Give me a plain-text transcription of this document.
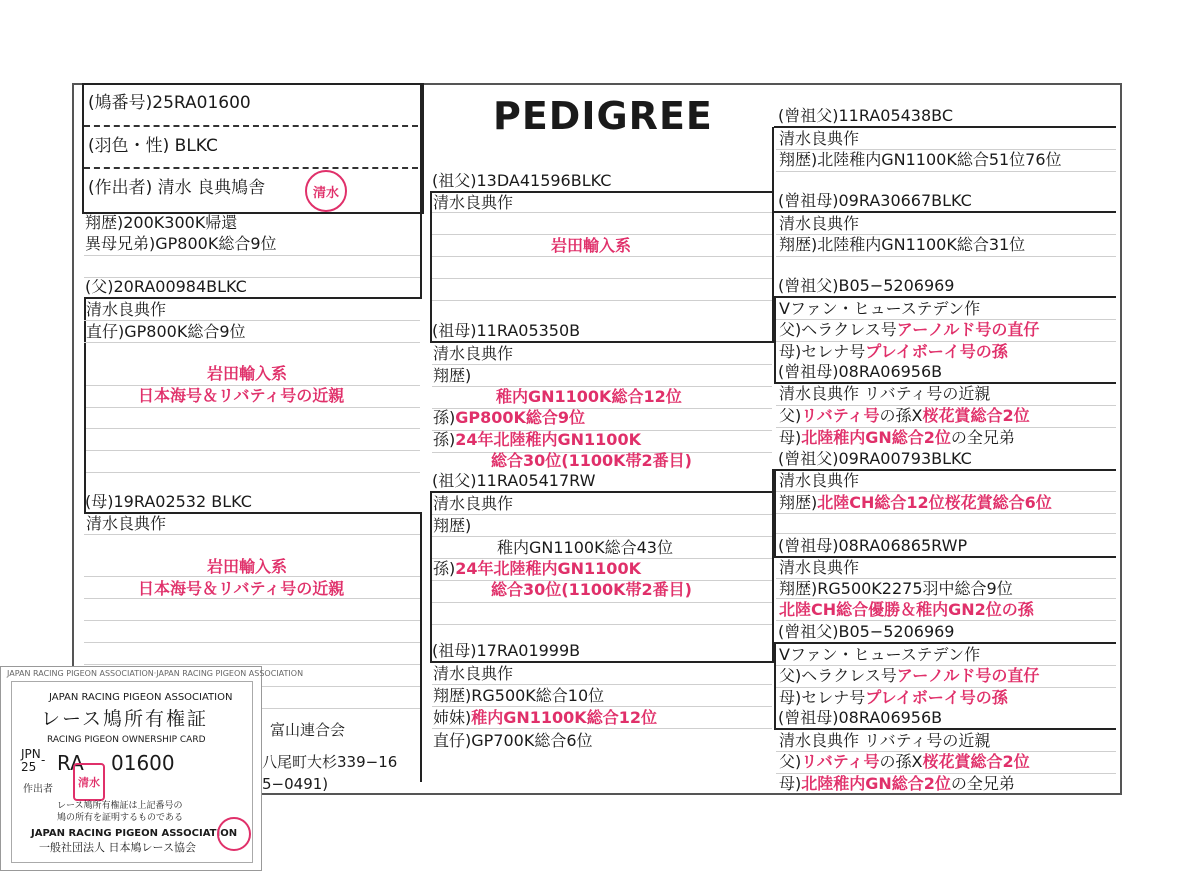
(鳩番号)25RA01600
(羽色・性) BLKC
(作出者) 清水 良典鳩舎	清水
翔歴)200K300K帰還
異母兄弟)GP800K総合9位
PEDIGREE
(父)20RA00984BLKC
清水良典作
直仔)GP800K総合9位
岩田輸入系
日本海号＆リバティ号の近親
(母)19RA02532 BLKC
清水良典作
岩田輸入系
日本海号＆リバティ号の近親
(祖父)13DA41596BLKC
清水良典作
岩田輸入系
(祖母)11RA05350B
清水良典作
翔歴)
稚内GN1100K総合12位
孫)GP800K総合9位
孫)24年北陸稚内GN1100K
総合30位(1100K帯2番目)
(祖父)11RA05417RW
清水良典作
翔歴)
稚内GN1100K総合43位
孫)24年北陸稚内GN1100K
総合30位(1100K帯2番目)
(祖母)17RA01999B
清水良典作
翔歴)RG500K総合10位
姉妹)稚内GN1100K総合12位
直仔)GP700K総合6位
(曾祖父)11RA05438BC
清水良典作
翔歴)北陸稚内GN1100K総合51位76位
(曾祖母)09RA30667BLKC
清水良典作
翔歴)北陸稚内GN1100K総合31位
(曾祖父)B05−5206969
Vファン・ヒューステデン作
父)ヘラクレス号アーノルド号の直仔
母)セレナ号プレイボーイ号の孫
(曾祖母)08RA06956B
清水良典作 リバティ号の近親
父)リバティ号の孫X桜花賞総合2位
母)北陸稚内GN総合2位の全兄弟
(曾祖父)09RA00793BLKC
清水良典作
翔歴)北陸CH総合12位桜花賞総合6位
(曾祖母)08RA06865RWP
清水良典作
翔歴)RG500K2275羽中総合9位
北陸CH総合優勝＆稚内GN2位の孫
(曾祖父)B05−5206969
Vファン・ヒューステデン作
父)ヘラクレス号アーノルド号の直仔
母)セレナ号プレイボーイ号の孫
(曾祖母)08RA06956B
清水良典作 リバティ号の近親
父)リバティ号の孫X桜花賞総合2位
母)北陸稚内GN総合2位の全兄弟
富山連合会
八尾町大杉339−16
5−0491)
JAPAN RACING PIGEON ASSOCIATION·JAPAN RACING PIGEON ASSOCIATION
JAPAN RACING PIGEON ASSOCIATION
レース鳩所有権証
RACING PIGEON OWNERSHIP CARD
JPN
25 - RA 01600
清水
作出者
レース鳩所有権証は上記番号の
鳩の所有を証明するものである
JAPAN RACING PIGEON ASSOCIATION
一般社団法人 日本鳩レース協会
